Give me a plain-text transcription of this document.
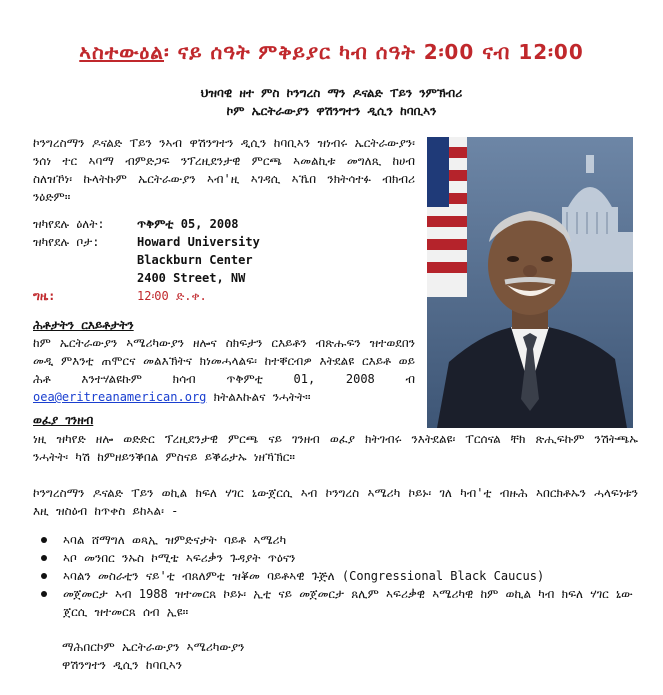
ኣስተውዕል፡ ናይ ሰዓት ምቅይያር ካብ ሰዓት 2፡00 ናብ 12፡00
ህዝባዊ ዘተ ምስ ኮንግረስ ማን ዶናልድ ፐይን ንምኽብሪ
ኮም ኤርትራውያን ዋሽንግተን ዲሲን ከባቢኣን
ኮንግረስማን ዶናልድ ፐይን ንኣብ ዋሽንግተን ዲሲን ከባቢኣን ዝነብሩ ኤርትራውያን፡ ንሰነ ተር ኣባማ ብምድጋፍ ንፕረዚደንታዊ ምርጫ ኣመልኪቱ መግለጺ ከሀብ ስለዝኾነ፡ ኩላትኩም ኤርትራውያን ኣብ'ዚ ኣገዳሲ ኣኼበ ንክትሳተፉ ብክብሪ ንዕድም።
ዝካየደሉ ዕለት:	ጥቅምቲ 05, 2008
ዝካየደሉ ቦታ:	Howard University
Blackburn Center
2400 Street, NW
ግዜ:	12፡00 ድ.ቀ.
ሕቶታትን ርእይቶታትን
ከም ኤርትራውያን ኣሜሪካውያን ዘሎና ስክፍታን ርእይቶን ብጽሑፍን ዝተወደበን መዲ ምእንቲ ጠሞርና መልእኽትና ክነመሓላልፍ፡ ከተቐርብዎ እትደልዩ ርእይቶ ወይ ሕቶ እንተሃልዩኩም ክሳብ ጥቅምቲ 01, 2008 ብ oea@eritreanamerican.org ክትልእኩልና ንሓትት።
ወፈያ ገንዘብ
ነዚ ዝካየድ ዘሎ ወድድር ፕረዚደንታዊ ምርጫ ናይ ገንዘብ ወፈያ ክትገብሩ ንእትደልዩ፡ ፐርሰናል ቸክ ጽሒፍኩም ንሽትጫኡ ንሓትት፡ ካሽ ከምዘይንቕበል ምስናይ ይቕሬታኡ ነዘኻኽር።
ኮንግረስማን ዶናልድ ፐይን ወኪል ክፍለ ሃገር ኒውጀርሲ ኣብ ኮንግረስ ኣሜሪካ ኮይኑ፡ ገለ ካብ'ቲ ብዙሕ ኣበርክቶኡን ሓላፍነቱን እዚ ዝስዕብ ከጥቀስ ይከኣል፡ -
ኣባል ሸማግለ ወጻኢ ዝምድናታት ባይቶ ኣሜሪካ
ኣቦ መንበር ንኡስ ኮሚቴ ኣፍሪቃን ጉዳያት ጥዕናን
ኣባልን መስራቲን ናይ'ቲ ብጸለምቲ ዝቖመ ባይቶኣዊ ጉጅለ (Congressional Black Caucus)
መጀመርታ ኣብ 1988 ዝተመርጸ ኮይኑ፡ ኢቲ ናይ መጀመርታ ጸሊም ኣፍሪቃዊ ኣሜሪካዊ ከም ወኪል ካብ ክፍለ ሃገር ኒው ጀርሲ ዝተመርጸ ሰብ ኢዩ።
ማሕበርኮም ኤርትራውያን ኣሜሪካውያን
ዋሽንግተን ዲሲን ከባቢኣን
